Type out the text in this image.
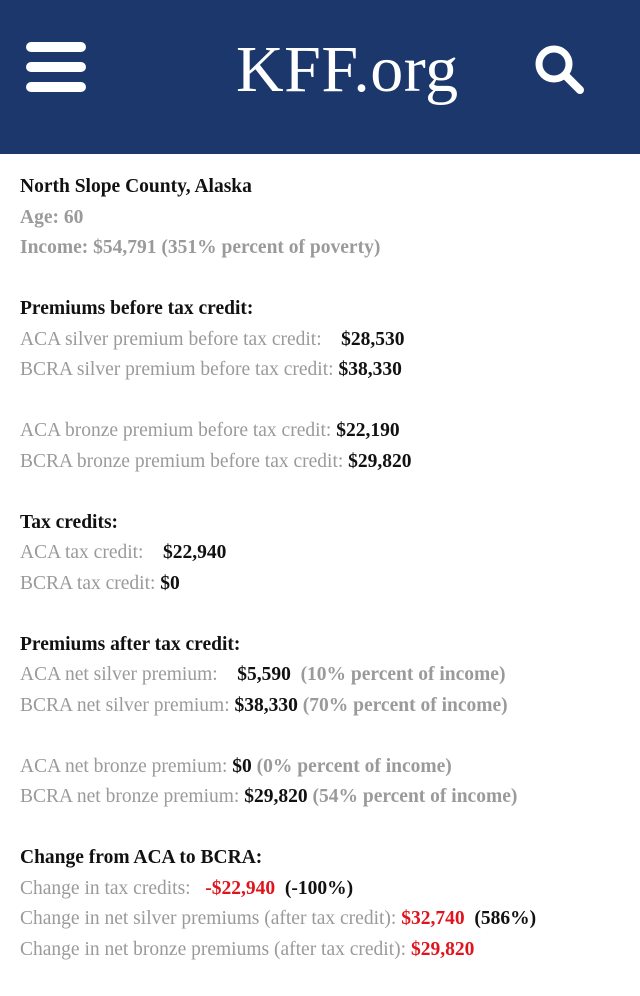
KFF.org
North Slope County, Alaska
Age: 60
Income: $54,791 (351% percent of poverty)
Premiums before tax credit:
ACA silver premium before tax credit: $28,530
BCRA silver premium before tax credit: $38,330
ACA bronze premium before tax credit: $22,190
BCRA bronze premium before tax credit: $29,820
Tax credits:
ACA tax credit: $22,940
BCRA tax credit: $0
Premiums after tax credit:
ACA net silver premium: $5,590 (10% percent of income)
BCRA net silver premium: $38,330 (70% percent of income)
ACA net bronze premium: $0 (0% percent of income)
BCRA net bronze premium: $29,820 (54% percent of income)
Change from ACA to BCRA:
Change in tax credits: -$22,940 (-100%)
Change in net silver premiums (after tax credit): $32,740 (586%)
Change in net bronze premiums (after tax credit): $29,820
